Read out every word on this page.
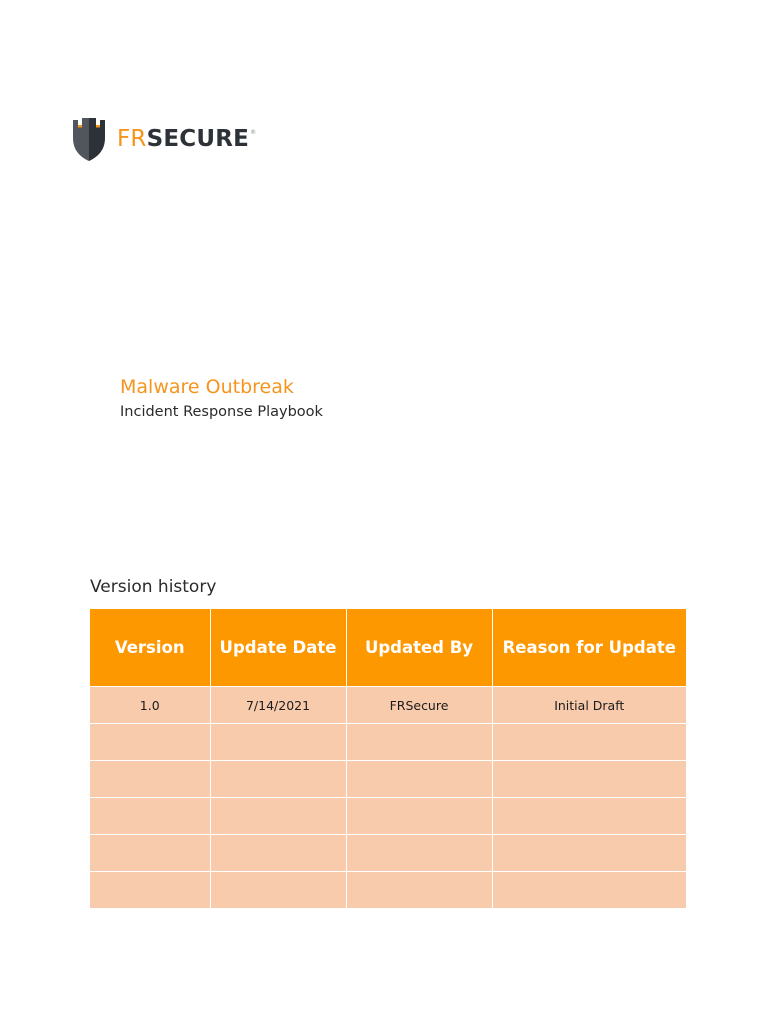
FR SECURE ®
Malware Outbreak

Incident Response Playbook

Version history
Version	Update Date	Updated By	Reason for Update
1.0	7/14/2021	FRSecure	Initial Draft
